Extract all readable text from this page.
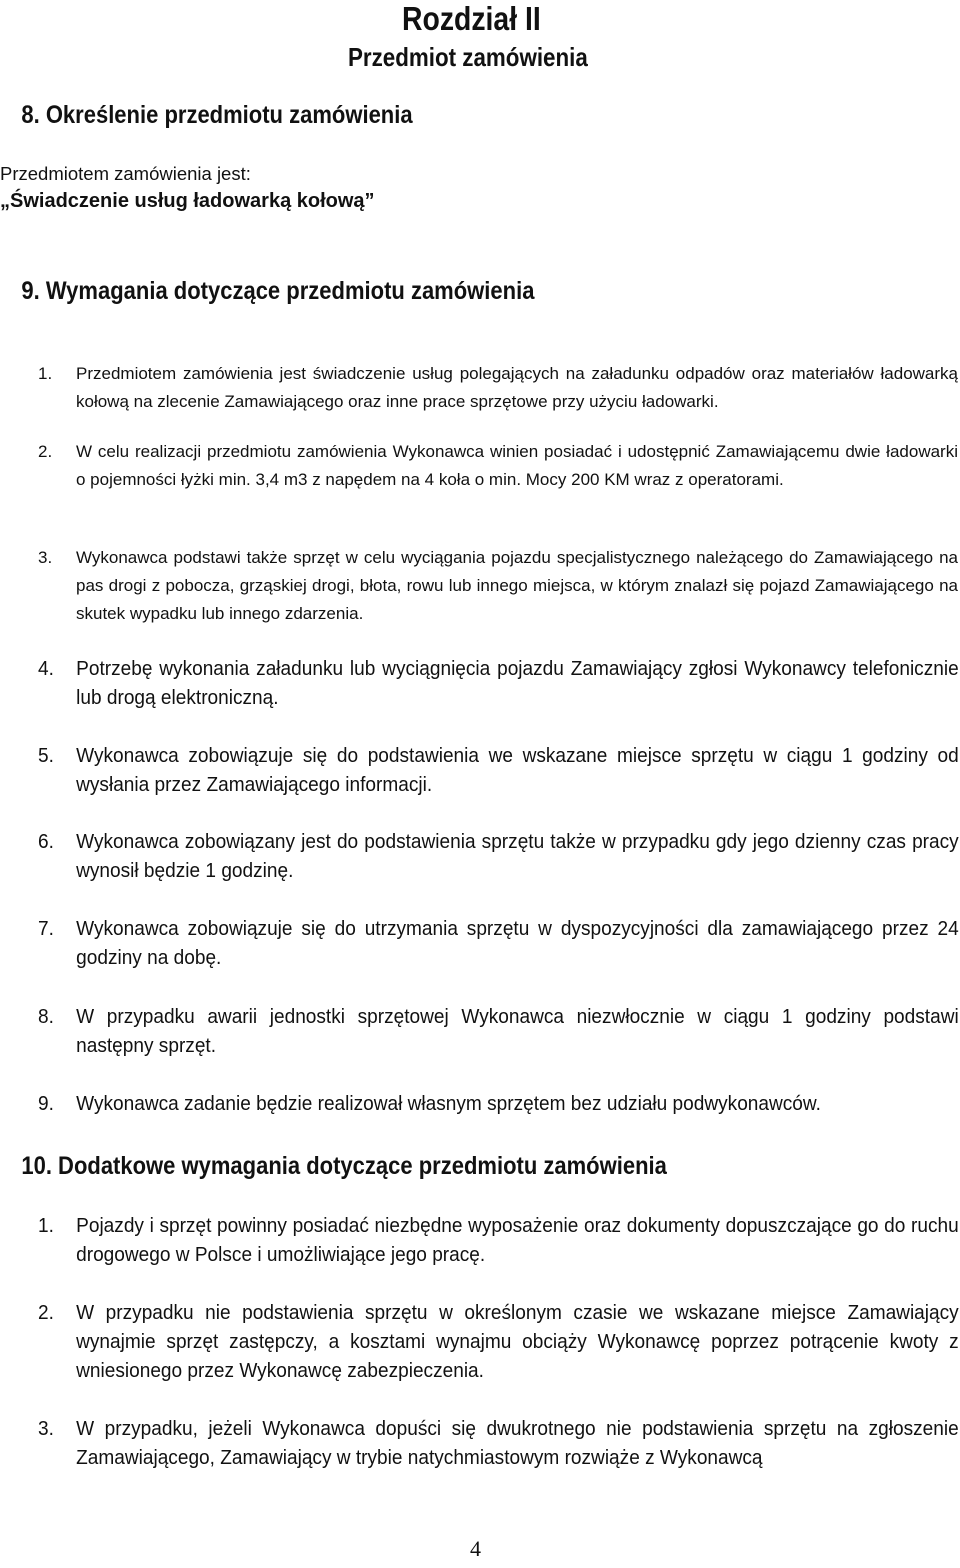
Rozdział II
Przedmiot zamówienia
8. Określenie przedmiotu zamówienia
Przedmiotem zamówienia jest:
„Świadczenie usług ładowarką kołową”
9. Wymagania dotyczące przedmiotu zamówienia
1. Przedmiotem zamówienia jest świadczenie usług polegających na załadunku odpadów oraz materiałów ładowarką kołową na zlecenie Zamawiającego oraz inne prace sprzętowe przy użyciu ładowarki.
2. W celu realizacji przedmiotu zamówienia Wykonawca winien posiadać i udostępnić Zamawiającemu dwie ładowarki o pojemności łyżki min. 3,4 m3 z napędem na 4 koła o min. Mocy 200 KM wraz z operatorami.
3. Wykonawca podstawi także sprzęt w celu wyciągania pojazdu specjalistycznego należącego do Zamawiającego na pas drogi z pobocza, grząskiej drogi, błota, rowu lub innego miejsca, w którym znalazł się pojazd Zamawiającego na skutek wypadku lub innego zdarzenia.
4. Potrzebę wykonania załadunku lub wyciągnięcia pojazdu Zamawiający zgłosi Wykonawcy telefonicznie lub drogą elektroniczną.
5. Wykonawca zobowiązuje się do podstawienia we wskazane miejsce sprzętu w ciągu 1 godziny od wysłania przez Zamawiającego informacji.
6. Wykonawca zobowiązany jest do podstawienia sprzętu także w przypadku gdy jego dzienny czas pracy wynosił będzie 1 godzinę.
7. Wykonawca zobowiązuje się do utrzymania sprzętu w dyspozycyjności dla zamawiającego przez 24 godziny na dobę.
8. W przypadku awarii jednostki sprzętowej Wykonawca niezwłocznie w ciągu 1 godziny podstawi następny sprzęt.
9. Wykonawca zadanie będzie realizował własnym sprzętem bez udziału podwykonawców.
10. Dodatkowe wymagania dotyczące przedmiotu zamówienia
1. Pojazdy i sprzęt powinny posiadać niezbędne wyposażenie oraz dokumenty dopuszczające go do ruchu drogowego w Polsce i umożliwiające jego pracę.
2. W przypadku nie podstawienia sprzętu w określonym czasie we wskazane miejsce Zamawiający wynajmie sprzęt zastępczy, a kosztami wynajmu obciąży Wykonawcę poprzez potrącenie kwoty z wniesionego przez Wykonawcę zabezpieczenia.
3. W przypadku, jeżeli Wykonawca dopuści się dwukrotnego nie podstawienia sprzętu na zgłoszenie Zamawiającego, Zamawiający w trybie natychmiastowym rozwiąże z Wykonawcą
4
